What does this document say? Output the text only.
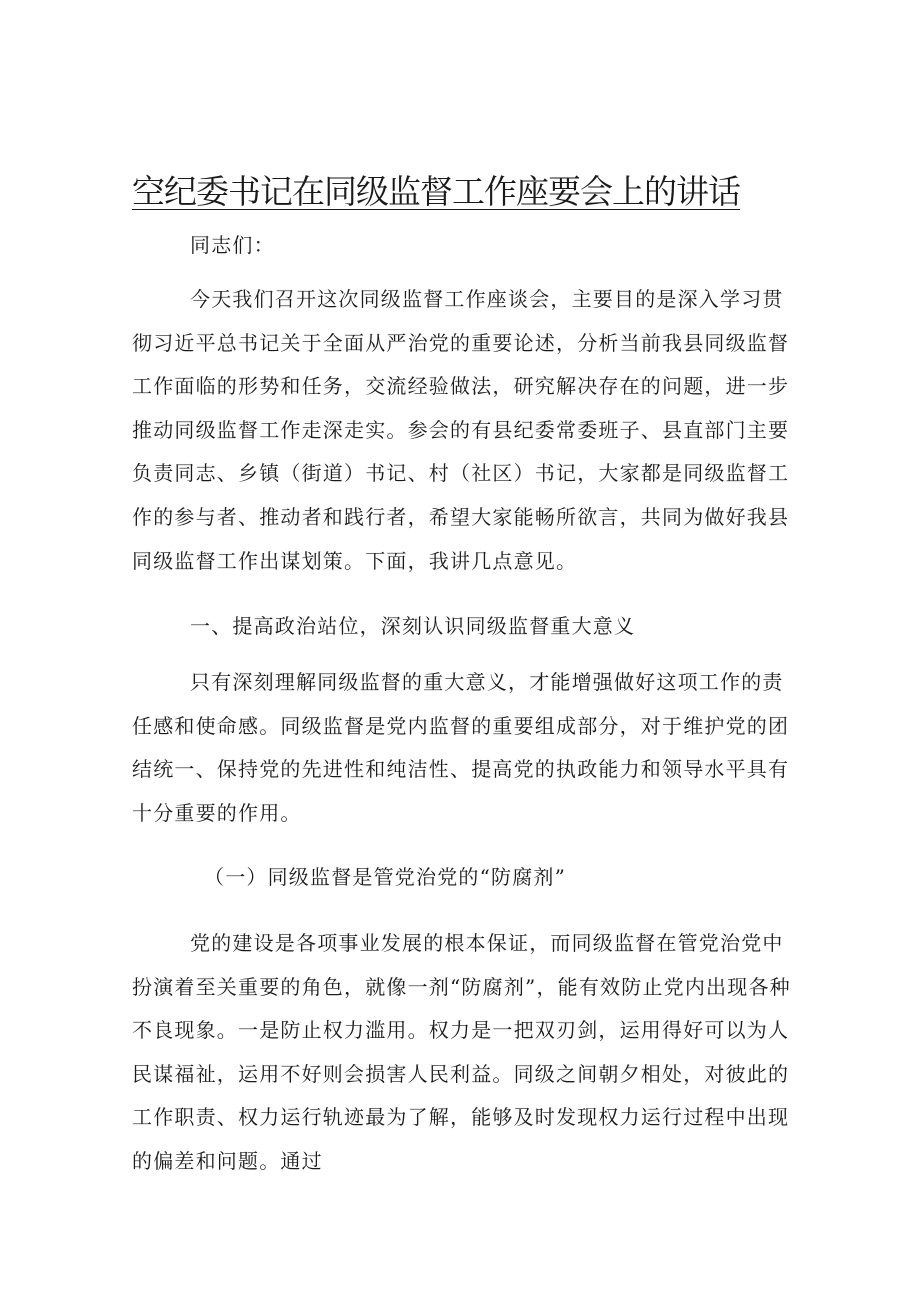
空纪委书记在同级监督工作座要会上的讲话

同志们：

今天我们召开这次同级监督工作座谈会，主要目的是深入学习贯彻习近平总书记关于全面从严治党的重要论述，分析当前我县同级监督工作面临的形势和任务，交流经验做法，研究解决存在的问题，进一步推动同级监督工作走深走实。参会的有县纪委常委班子、县直部门主要负责同志、乡镇（街道）书记、村（社区）书记，大家都是同级监督工作的参与者、推动者和践行者，希望大家能畅所欲言，共同为做好我县同级监督工作出谋划策。下面，我讲几点意见。

一、提高政治站位，深刻认识同级监督重大意义

只有深刻理解同级监督的重大意义，才能增强做好这项工作的责任感和使命感。同级监督是党内监督的重要组成部分，对于维护党的团结统一、保持党的先进性和纯洁性、提高党的执政能力和领导水平具有十分重要的作用。

（一）同级监督是管党治党的“防腐剂”

党的建设是各项事业发展的根本保证，而同级监督在管党治党中扮演着至关重要的角色，就像一剂“防腐剂”，能有效防止党内出现各种不良现象。一是防止权力滥用。权力是一把双刃剑，运用得好可以为人民谋福祉，运用不好则会损害人民利益。同级之间朝夕相处，对彼此的工作职责、权力运行轨迹最为了解，能够及时发现权力运行过程中出现的偏差和问题。通过
